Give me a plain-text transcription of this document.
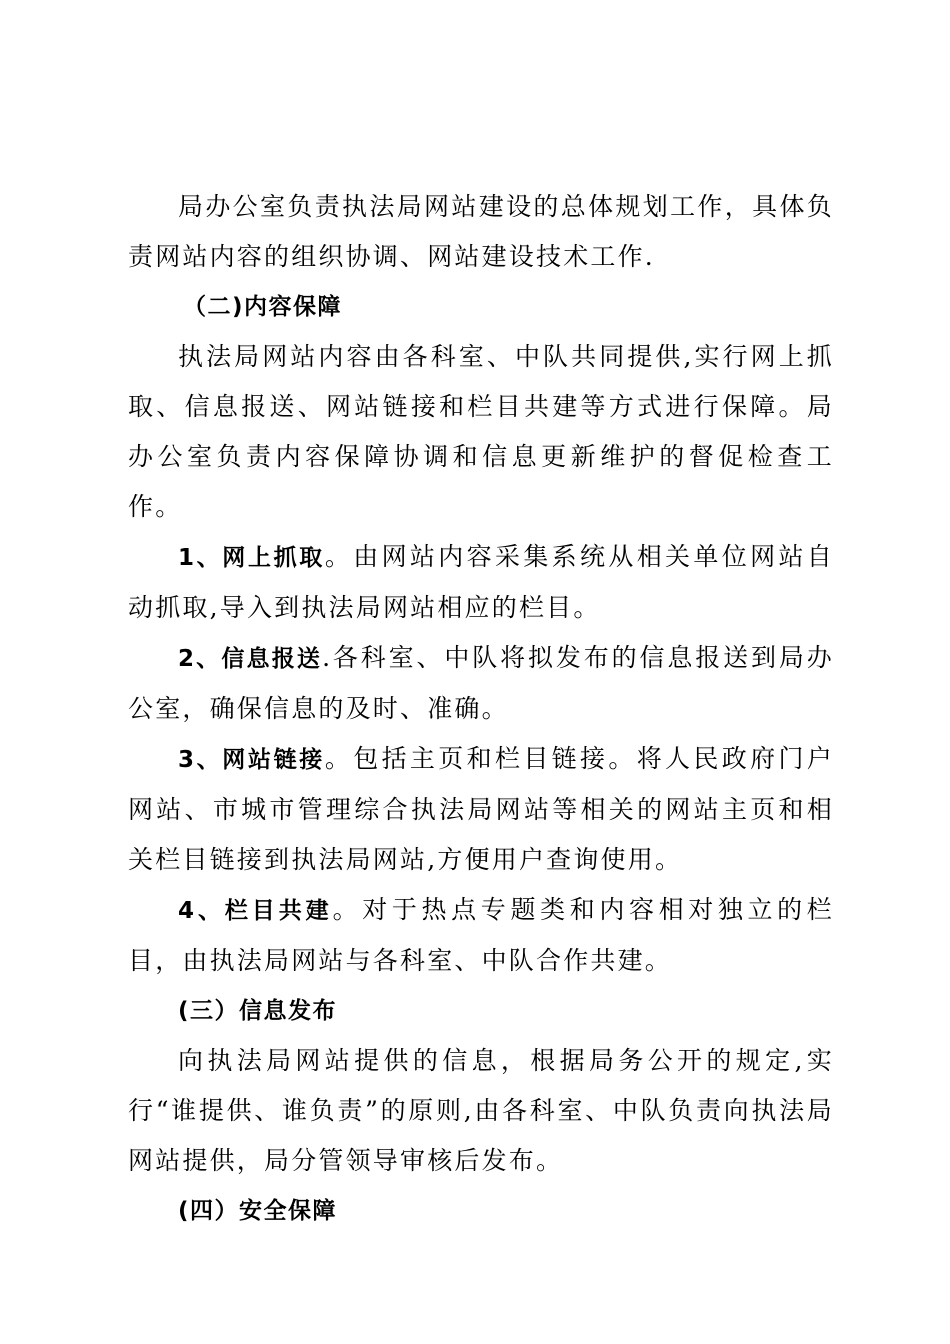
局办公室负责执法局网站建设的总体规划工作，具体负责网站内容的组织协调、网站建设技术工作.

（二)内容保障

执法局网站内容由各科室、中队共同提供,实行网上抓取、信息报送、网站链接和栏目共建等方式进行保障。局办公室负责内容保障协调和信息更新维护的督促检查工作。

1、网上抓取。由网站内容采集系统从相关单位网站自动抓取,导入到执法局网站相应的栏目。

2、信息报送.各科室、中队将拟发布的信息报送到局办公室，确保信息的及时、准确。

3、网站链接。包括主页和栏目链接。将人民政府门户网站、市城市管理综合执法局网站等相关的网站主页和相关栏目链接到执法局网站,方便用户查询使用。

4、栏目共建。对于热点专题类和内容相对独立的栏目，由执法局网站与各科室、中队合作共建。

(三）信息发布

向执法局网站提供的信息，根据局务公开的规定,实行“谁提供、谁负责”的原则,由各科室、中队负责向执法局网站提供，局分管领导审核后发布。

(四）安全保障
